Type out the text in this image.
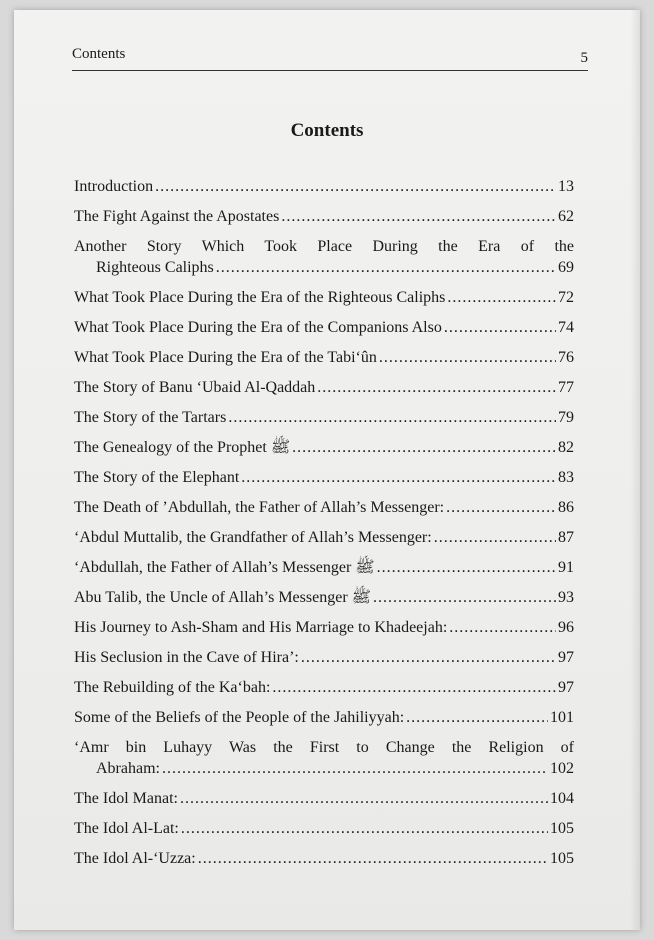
Contents	5
Contents
Introduction .....	13
The Fight Against the Apostates .....	62
Another Story Which Took Place During the Era of the
Righteous Caliphs .....	69
What Took Place During the Era of the Righteous Caliphs .....	72
What Took Place During the Era of the Companions Also .....	74
What Took Place During the Era of the Tabi‘ûn .....	76
The Story of Banu ‘Ubaid Al-Qaddah .....	77
The Story of the Tartars .....	79
The Genealogy of the Prophet ﷺ .....	82
The Story of the Elephant .....	83
The Death of ’Abdullah, the Father of Allah’s Messenger: .....	86
‘Abdul Muttalib, the Grandfather of Allah’s Messenger: .....	87
‘Abdullah, the Father of Allah’s Messenger ﷺ .....	91
Abu Talib, the Uncle of Allah’s Messenger ﷺ .....	93
His Journey to Ash-Sham and His Marriage to Khadeejah: .....	96
His Seclusion in the Cave of Hira’: .....	97
The Rebuilding of the Ka‘bah: .....	97
Some of the Beliefs of the People of the Jahiliyyah: .....	101
‘Amr bin Luhayy Was the First to Change the Religion of
Abraham: .....	102
The Idol Manat: .....	104
The Idol Al-Lat: .....	105
The Idol Al-‘Uzza: .....	105
